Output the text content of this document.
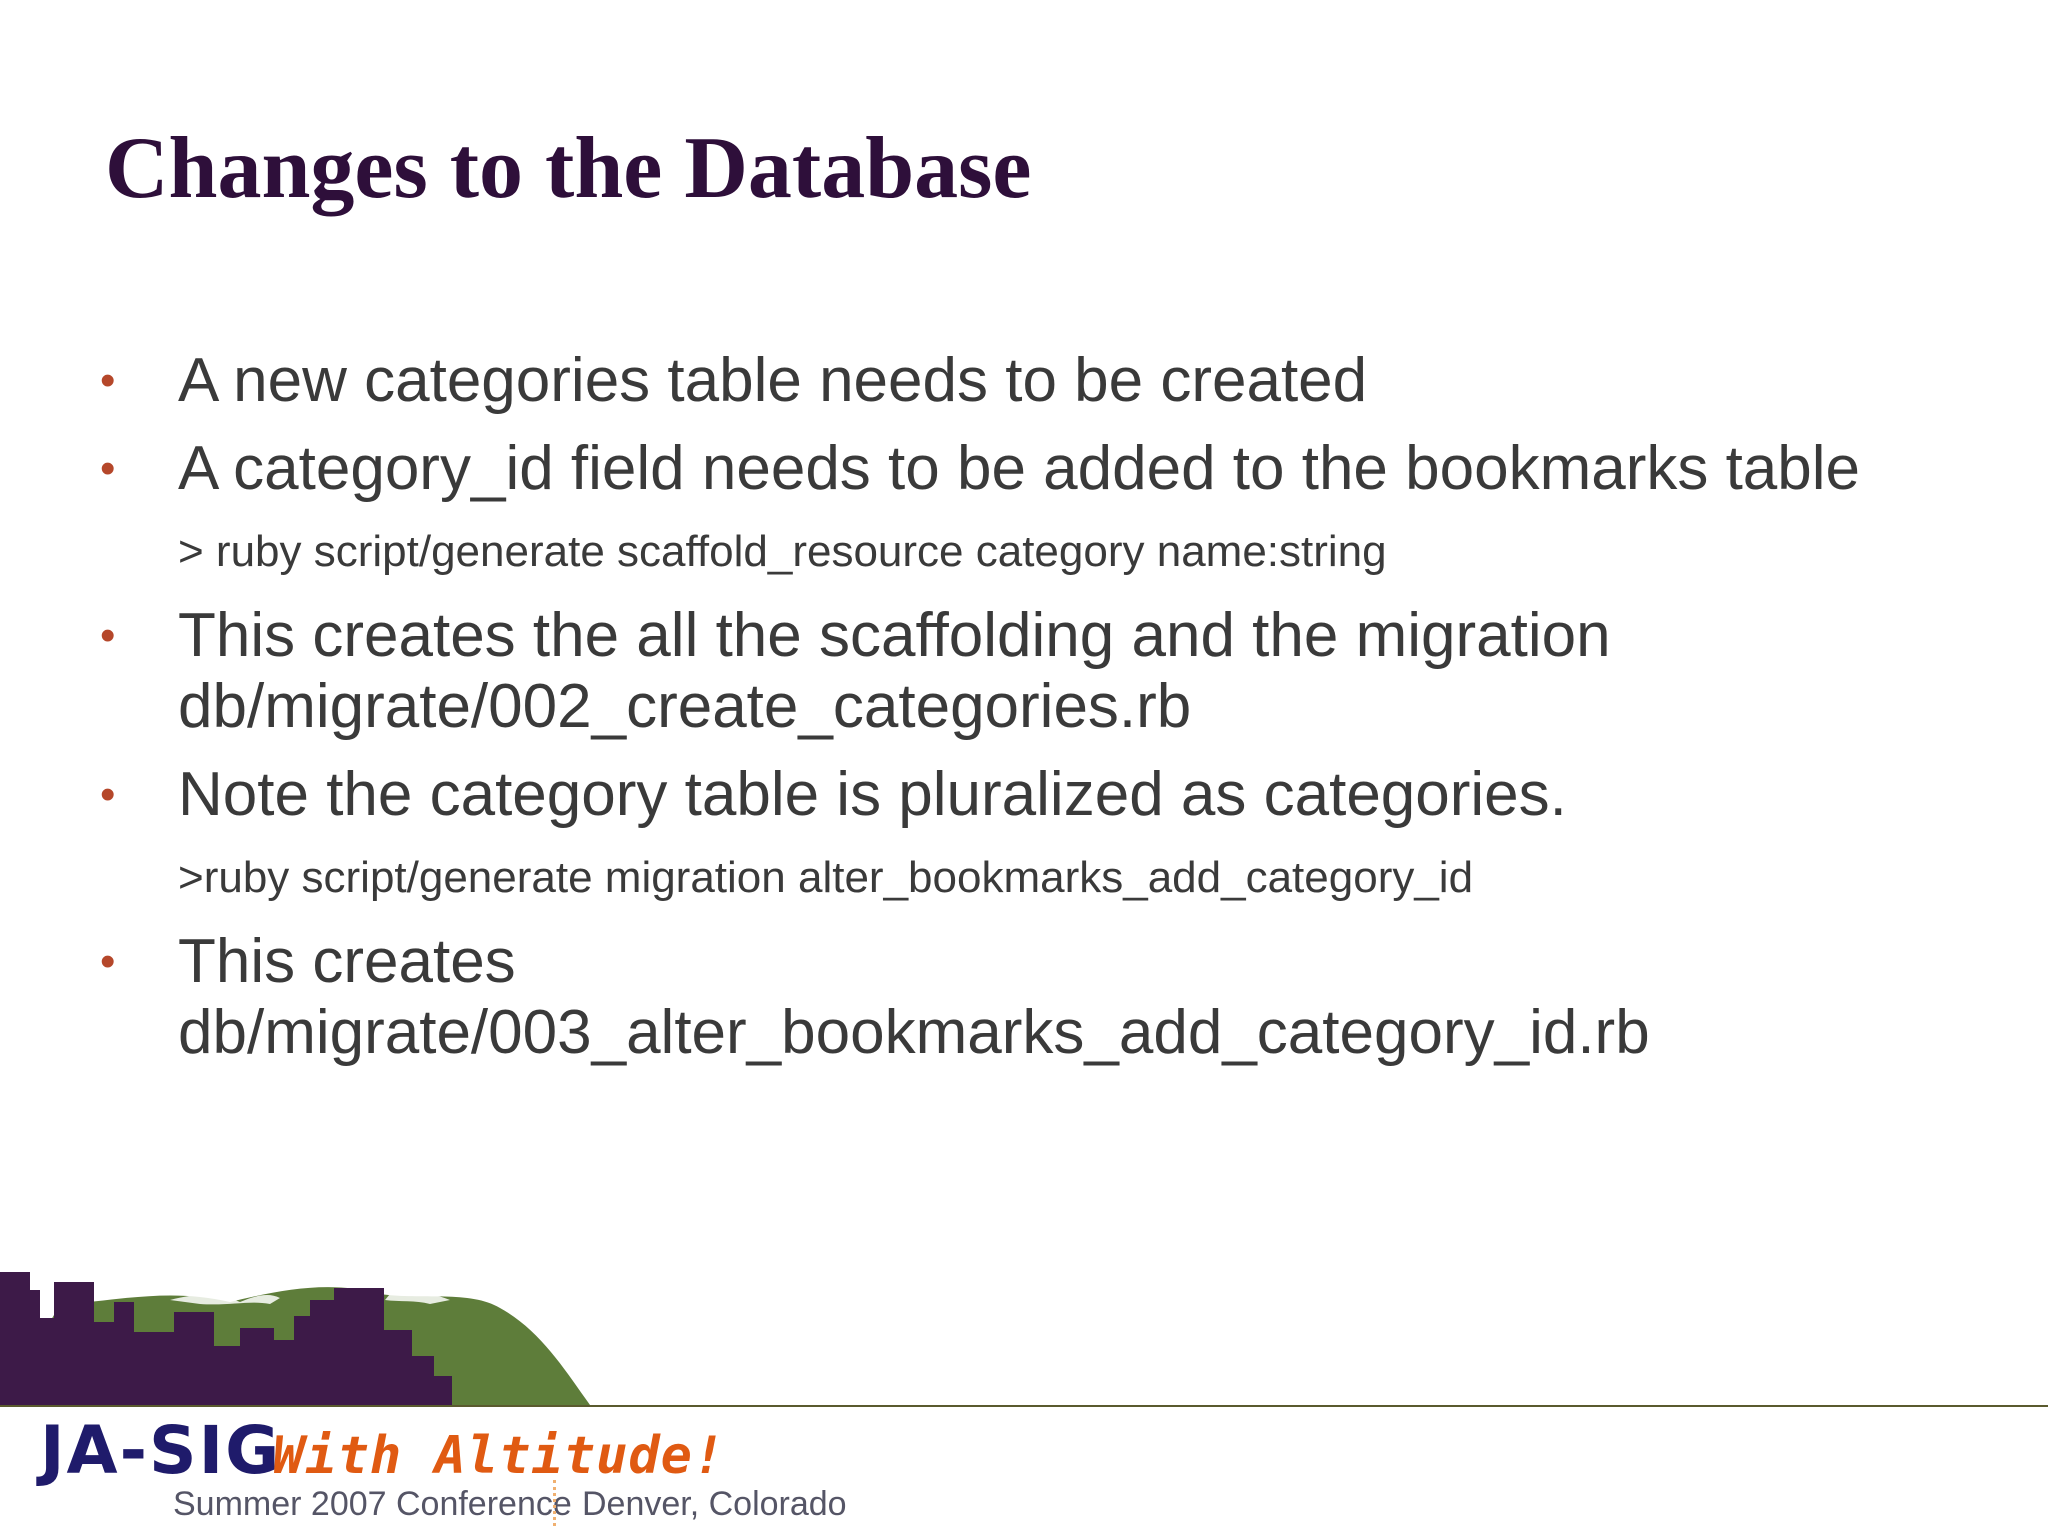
Changes to the Database
• A new categories table needs to be created
• A category_id field needs to be added to the bookmarks table
> ruby script/generate scaffold_resource category name:string
• This creates the all the scaffolding and the migration db/migrate/002_create_categories.rb
• Note the category table is pluralized as categories.
>ruby script/generate migration alter_bookmarks_add_category_id
• This creates db/migrate/003_alter_bookmarks_add_category_id.rb
JA-SIG
With Altitude!
Summer 2007 Conference Denver, Colorado
